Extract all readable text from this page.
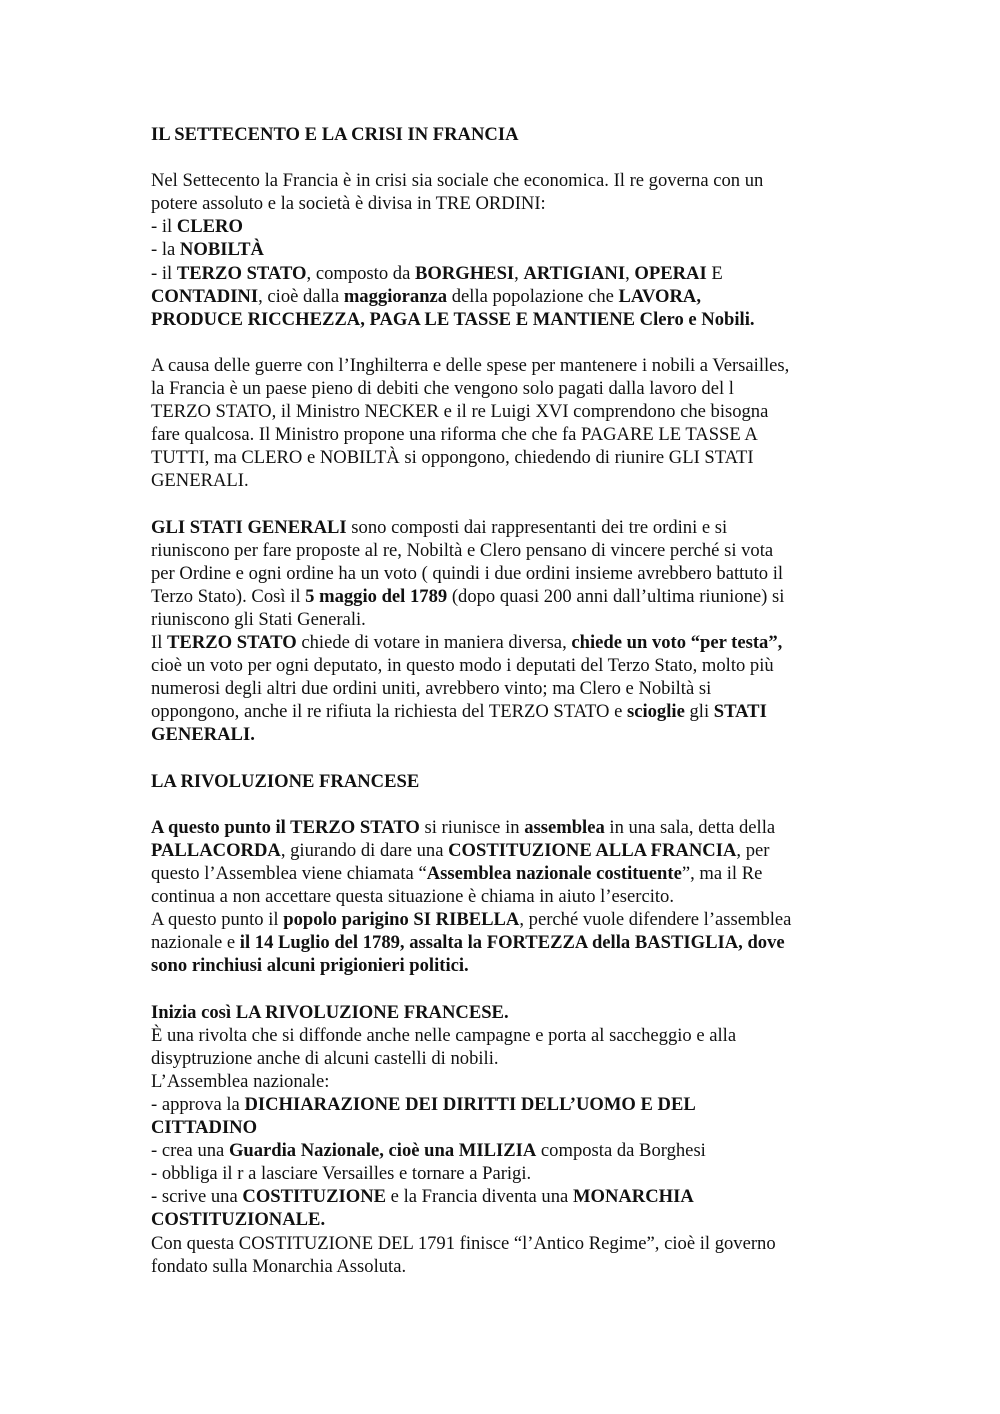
IL SETTECENTO E LA CRISI IN FRANCIA
Nel Settecento la Francia è in crisi sia sociale che economica. Il re governa con un
potere assoluto e la società è divisa in TRE ORDINI:
- il CLERO
- la NOBILTÀ
- il TERZO STATO, composto da BORGHESI, ARTIGIANI, OPERAI E
CONTADINI, cioè dalla maggioranza della popolazione che LAVORA,
PRODUCE RICCHEZZA, PAGA LE TASSE E MANTIENE Clero e Nobili.
A causa delle guerre con l’Inghilterra e delle spese per mantenere i nobili a Versailles,
la Francia è un paese pieno di debiti che vengono solo pagati dalla lavoro del l
TERZO STATO, il Ministro NECKER e il re Luigi XVI comprendono che bisogna
fare qualcosa. Il Ministro propone una riforma che che fa PAGARE LE TASSE A
TUTTI, ma CLERO e NOBILTÀ si oppongono, chiedendo di riunire GLI STATI
GENERALI.
GLI STATI GENERALI sono composti dai rappresentanti dei tre ordini e si
riuniscono per fare proposte al re, Nobiltà e Clero pensano di vincere perché si vota
per Ordine e ogni ordine ha un voto ( quindi i due ordini insieme avrebbero battuto il
Terzo Stato). Così il 5 maggio del 1789 (dopo quasi 200 anni dall’ultima riunione) si
riuniscono gli Stati Generali.
Il TERZO STATO chiede di votare in maniera diversa, chiede un voto “per testa”,
cioè un voto per ogni deputato, in questo modo i deputati del Terzo Stato, molto più
numerosi degli altri due ordini uniti, avrebbero vinto; ma Clero e Nobiltà si
oppongono, anche il re rifiuta la richiesta del TERZO STATO e scioglie gli STATI
GENERALI.
LA RIVOLUZIONE FRANCESE
A questo punto il TERZO STATO si riunisce in assemblea in una sala, detta della
PALLACORDA, giurando di dare una COSTITUZIONE ALLA FRANCIA, per
questo l’Assemblea viene chiamata “Assemblea nazionale costituente”, ma il Re
continua a non accettare questa situazione è chiama in aiuto l’esercito.
A questo punto il popolo parigino SI RIBELLA, perché vuole difendere l’assemblea
nazionale e il 14 Luglio del 1789, assalta la FORTEZZA della BASTIGLIA, dove
sono rinchiusi alcuni prigionieri politici.
Inizia così LA RIVOLUZIONE FRANCESE.
È una rivolta che si diffonde anche nelle campagne e porta al saccheggio e alla
disyptruzione anche di alcuni castelli di nobili.
L’Assemblea nazionale:
- approva la DICHIARAZIONE DEI DIRITTI DELL’UOMO E DEL
CITTADINO
- crea una Guardia Nazionale, cioè una MILIZIA composta da Borghesi
- obbliga il r a lasciare Versailles e tornare a Parigi.
- scrive una COSTITUZIONE e la Francia diventa una MONARCHIA
COSTITUZIONALE.
Con questa COSTITUZIONE DEL 1791 finisce “l’Antico Regime”, cioè il governo
fondato sulla Monarchia Assoluta.
